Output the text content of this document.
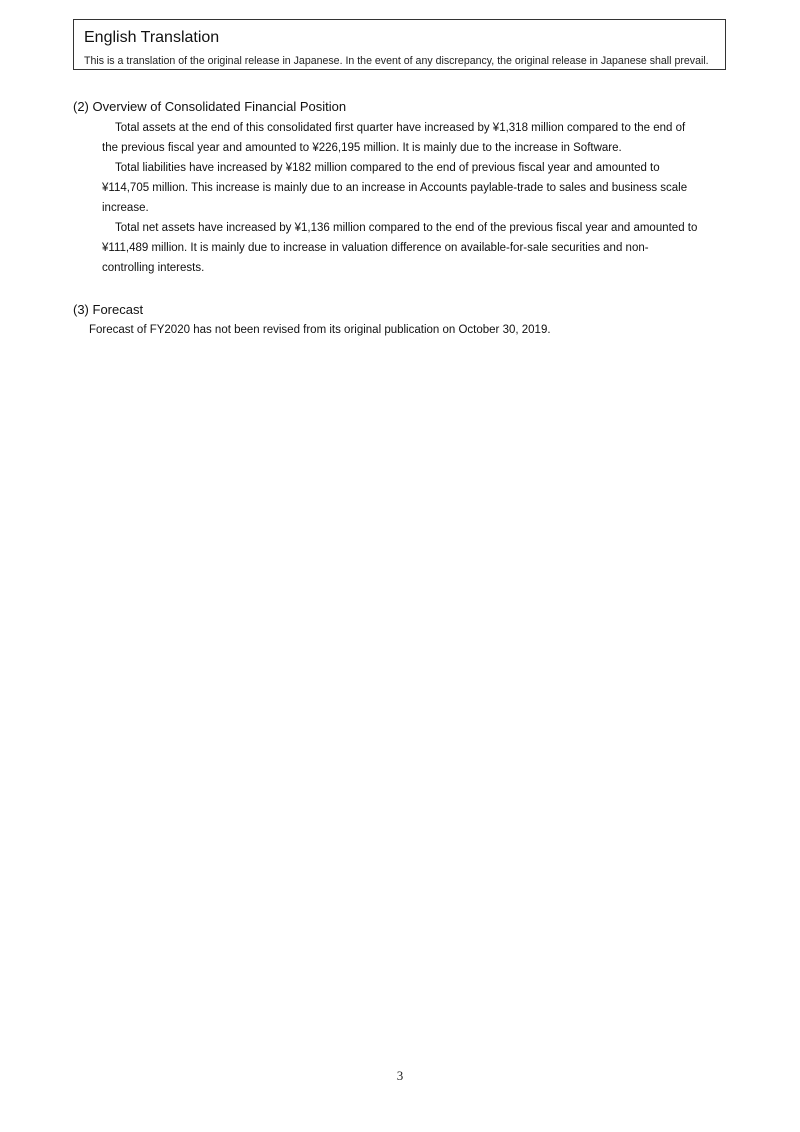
English Translation
This is a translation of the original release in Japanese. In the event of any discrepancy, the original release in Japanese shall prevail.
(2) Overview of Consolidated Financial Position
Total assets at the end of this consolidated first quarter have increased by ¥1,318 million compared to the end of
the previous fiscal year and amounted to ¥226,195 million. It is mainly due to the increase in Software.
Total liabilities have increased by ¥182 million compared to the end of previous fiscal year and amounted to
¥114,705 million. This increase is mainly due to an increase in Accounts paylable-trade to sales and business scale
increase.
Total net assets have increased by ¥1,136 million compared to the end of the previous fiscal year and amounted to
¥111,489 million. It is mainly due to increase in valuation difference on available-for-sale securities and non-
controlling interests.
(3) Forecast
Forecast of FY2020 has not been revised from its original publication on October 30, 2019.
3
